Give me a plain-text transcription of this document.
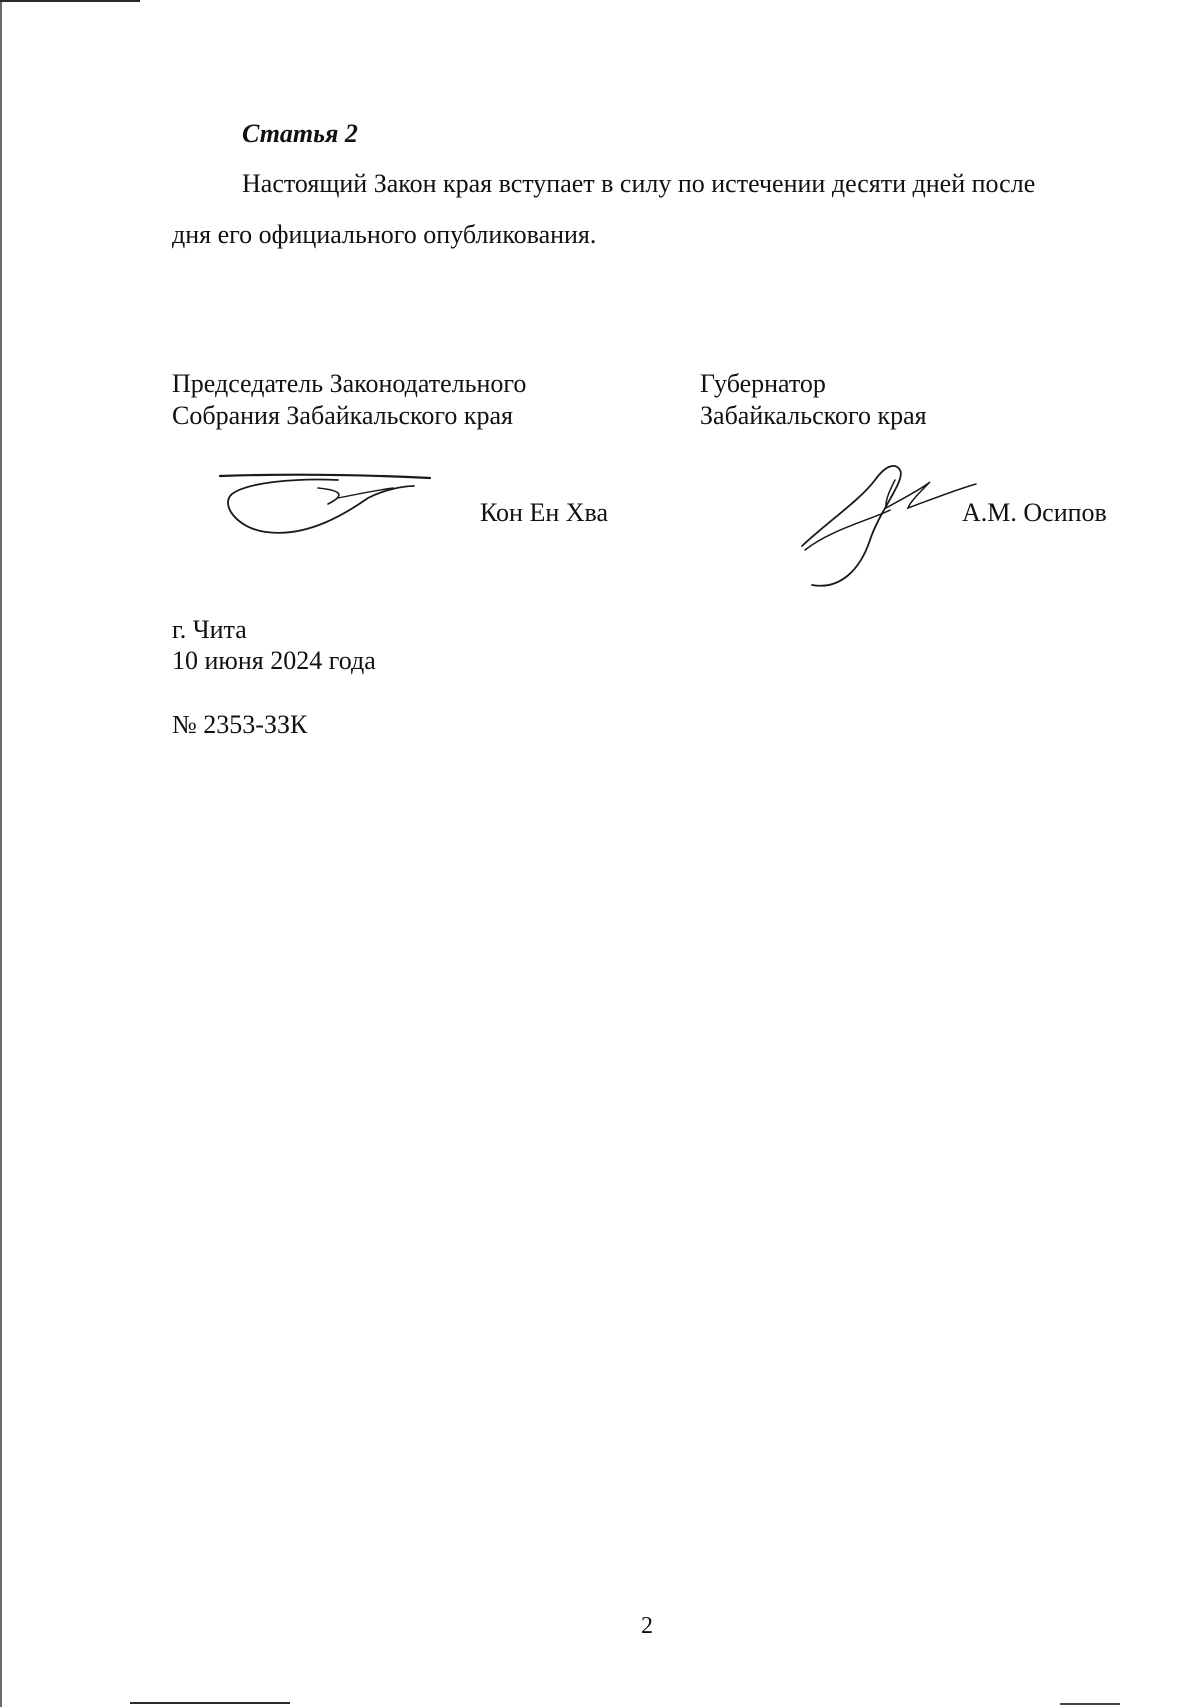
Статья 2
Настоящий Закон края вступает в силу по истечении десяти дней после
дня его официального опубликования.
Председатель Законодательного
Собрания Забайкальского края
Губернатор
Забайкальского края
Кон Ен Хва	А.М. Осипов
г. Чита
10 июня 2024 года
№ 2353-ЗЗК
2
